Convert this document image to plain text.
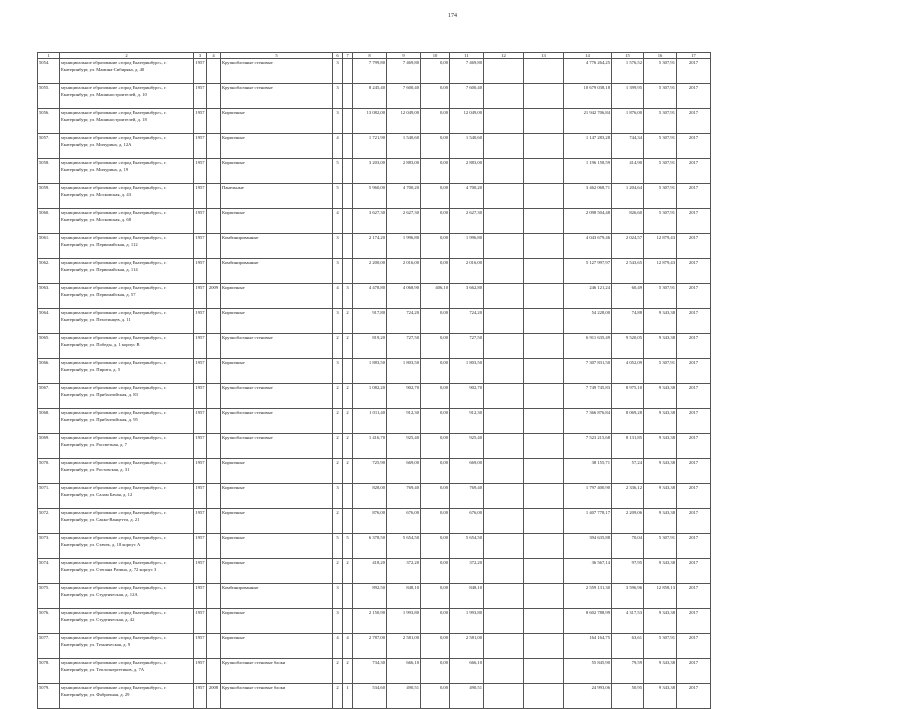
174
1	2	3	4	5	6	7	8	9	10	11	12	13	14	15	16	17
5054.	муниципальное образование «город Екатеринбург», г. Екатеринбург, ул. Мамина-Сибиряка, д. 40	1957		Крупноблочные стеновые	3		7 799,80	7 469,80	0,00	7 469,80			4 776 264,25	1 576,52	5 307,91	2017
5055.	муниципальное образование «город Екатеринбург», г. Екатеринбург, ул. Машиностроителей, д. 10	1957		Крупноблочные стеновые	3		8 245,40	7 600,40	0,00	7 600,40			10 679 038,18	1 399,95	5 307,91	2017
5056.	муниципальное образование «город Екатеринбург», г. Екатеринбург, ул. Машиностроителей, д. 18	1957		Кирпичные	3		13 082,00	12 049,00	0,00	12 049,00			21 942 706,84	1 876,00	5 307,91	2017
5057.	муниципальное образование «город Екатеринбург», г. Екатеринбург, ул. Мичурина, д. 12А	1957		Кирпичные	4		1 721,90	1 540,60	0,00	1 540,60			1 147 283,28	744,34	5 307,91	2017
5058.	муниципальное образование «город Екатеринбург», г. Екатеринбург, ул. Мичурина, д. 19	1957		Кирпичные	5		3 203,00	2 883,00	0,00	2 883,00			1 196 158,59	414,90	5 307,91	2017
5059.	муниципальное образование «город Екатеринбург», г. Екатеринбург, ул. Московская, д. 43	1957		Панельные	5		5 960,00	4 700,20	0,00	4 700,20			3 462 068,71	1 204,64	5 307,91	2017
5060.	муниципальное образование «город Екатеринбург», г. Екатеринбург, ул. Московская, д. 68	1957		Кирпичные	4		3 627,30	2 627,30	0,00	2 627,30			2 098 504,48	826,60	5 307,91	2017
5061.	муниципальное образование «город Екатеринбург», г. Екатеринбург, ул. Первомайская, д. 112	1957		Комбинированные	3		2 174,20	1 996,80	0,00	1 996,80			4 043 679,46	2 024,57	12 879,43	2017
5062.	муниципальное образование «город Екатеринбург», г. Екатеринбург, ул. Первомайская, д. 114	1957		Комбинированные	3		2 200,00	2 016,00	0,00	2 016,00			5 127 997,97	2 543,65	12 879,43	2017
5063.	муниципальное образование «город Екатеринбург», г. Екатеринбург, ул. Первомайская, д. 57	1957	2009	Кирпичные	4	3	4 478,80	4 068,90	406,10	3 662,80			246 121,24	60,49	5 307,91	2017
5064.	муниципальное образование «город Екатеринбург», г. Екатеринбург, ул. Пехотинцев, д. 11	1957		Кирпичные	3	2	917,80	724,20	0,00	724,20			54 228,00	74,88	9 343,38	2017
5065.	муниципальное образование «город Екатеринбург», г. Екатеринбург, ул. Победы, д. 1 корпус В	1957		Крупноблочные стеновые	2	2	819,20	727,50	0,00	727,50			6 911 635,49	9 520,05	9 343,38	2017
5066.	муниципальное образование «город Екатеринбург», г. Екатеринбург, ул. Пирита, д. 5	1957		Кирпичные	3		1 883,50	1 803,50	0,00	1 803,50			7 307 831,50	4 052,09	5 307,91	2017
5067.	муниципальное образование «город Екатеринбург», г. Екатеринбург, ул. Прибалтийская, д. 83	1957		Крупноблочные стеновые	2	2	1 082,20	902,70	0,00	902,70			7 749 745,83	8 975,10	9 343,38	2017
5068.	муниципальное образование «город Екатеринбург», г. Екатеринбург, ул. Прибалтийская, д. 95	1957		Крупноблочные стеновые	2	2	1 011,40	912,30	0,00	912,30			7 366 876,84	8 069,28	9 343,38	2017
5069.	муниципальное образование «город Екатеринбург», г. Екатеринбург, ул. Рассветная, д. 7	1957		Крупноблочные стеновые	2	2	1 416,70	925,40	0,00	925,40			7 523 215,68	8 131,85	9 343,38	2017
5070.	муниципальное образование «город Екатеринбург», г. Екатеринбург, ул. Ростовская, д. 31	1957		Кирпичные	2	2	725,90	669,00	0,00	669,00			38 155,71	57,24	9 343,38	2017
5071.	муниципальное образование «город Екатеринбург», г. Екатеринбург, ул. Салам Бачая, д. 12	1957		Кирпичные	3		828,00	769,40	0,00	769,40			1 797 400,90	2 336,12	9 343,38	2017
5072.	муниципальное образование «город Екатеринбург», г. Екатеринбург, ул. Сакко-Ванцетти, д. 21	1957		Кирпичные	2		876,00	676,00	0,00	676,00			1 407 778,17	2 209,06	9 343,38	2017
5073.	муниципальное образование «город Екатеринбург», г. Екатеринбург, ул. Стачек, д. 18 корпус А	1957		Кирпичные	5	5	6 378,50	5 654,50	0,00	5 654,50			394 635,88	70,04	5 307,91	2017
5074.	муниципальное образование «город Екатеринбург», г. Екатеринбург, ул. Степана Разина, д. 72 корпус 3	1957		Кирпичные	2	2	418,20	372,20	0,00	372,20			36 567,14	97,95	9 343,38	2017
5075.	муниципальное образование «город Екатеринбург», г. Екатеринбург, ул. Студенческая, д. 12А	1957		Комбинированные	3		892,50	848,10	0,00	848,10			2 559 131,30	3 596,96	12 858,13	2017
5076.	муниципальное образование «город Екатеринбург», г. Екатеринбург, ул. Студенческая, д. 42	1957		Кирпичные	3		2 150,90	1 993,80	0,00	1 993,80			8 602 788,99	4 317,53	9 343,38	2017
5077.	муниципальное образование «город Екатеринбург», г. Екатеринбург, ул. Техническая, д. 9	1957		Кирпичные	4	4	2 787,00	2 581,00	0,00	2 581,00			164 164,75	63,61	5 307,91	2017
5078.	муниципальное образование «город Екатеринбург», г. Екатеринбург, ул. Теплоэнергетиков, д. 7А	1957		Крупноблочные стеновые блоки	2	2	734,30	666,10	0,00	666,10			55 845,90	79,59	9 343,38	2017
5079.	муниципальное образование «город Екатеринбург», г. Екатеринбург, ул. Фабричная, д. 29	1957	2008	Крупноблочные стеновые блоки	2	1	534,60	490,51	0,00	490,51			24 993,06	50,95	9 343,38	2017
